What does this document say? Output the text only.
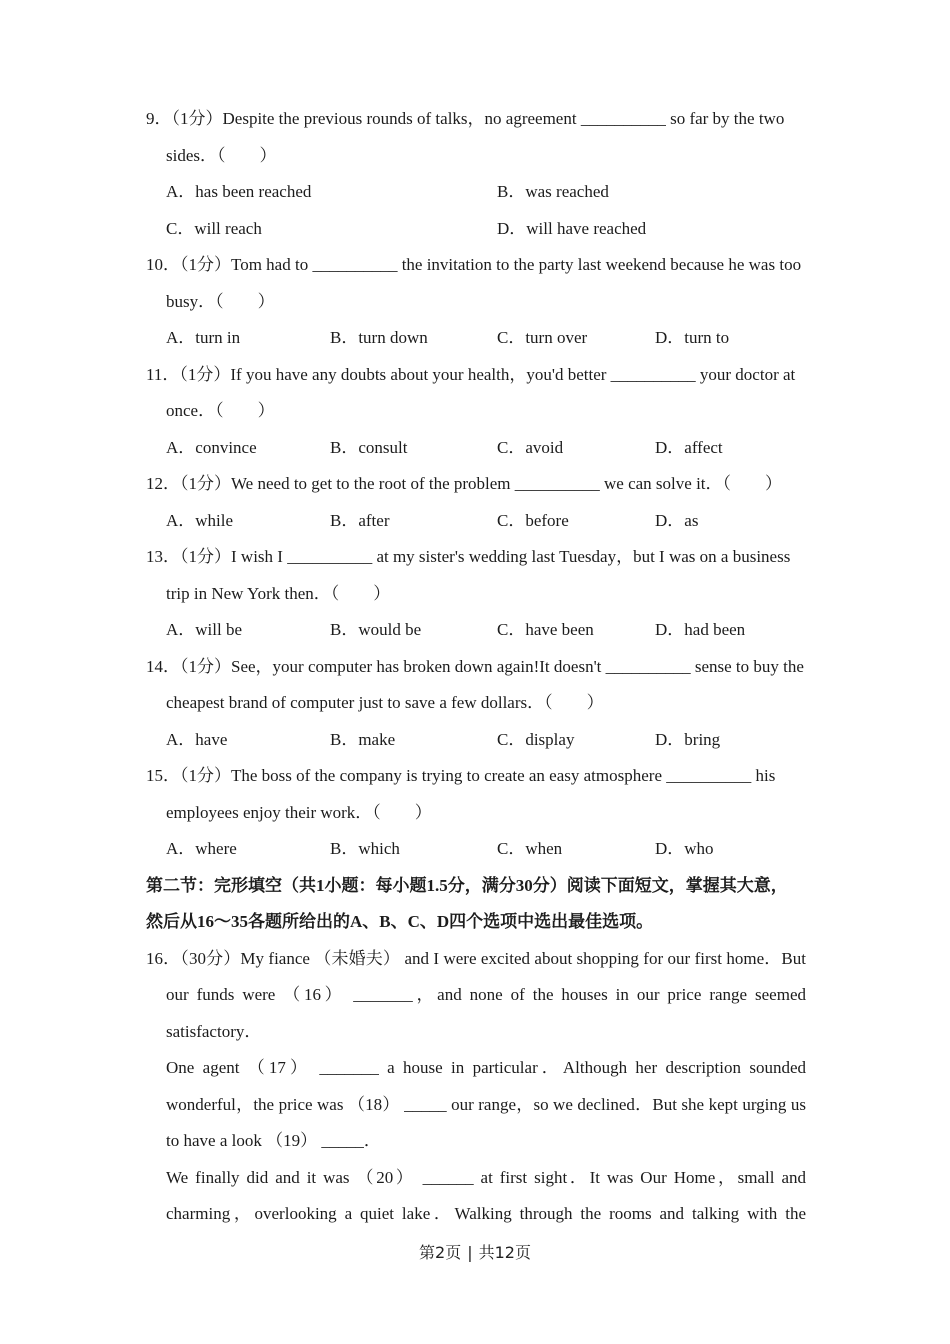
9．（1分）Despite the previous rounds of talks，no agreement __________ so far by the two
sides．（　　）
A．has been reached	B．was reached
C．will reach	D．will have reached
10．（1分）Tom had to __________ the invitation to the party last weekend because he was too
busy．（　　）
A．turn in	B．turn down	C．turn over	D．turn to
11．（1分）If you have any doubts about your health，you'd better __________ your doctor at
once．（　　）
A．convince	B．consult	C．avoid	D．affect
12．（1分）We need to get to the root of the problem __________ we can solve it．（　　）
A．while	B．after	C．before	D．as
13．（1分）I wish I __________ at my sister's wedding last Tuesday，but I was on a business
trip in New York then．（　　）
A．will be	B．would be	C．have been	D．had been
14．（1分）See，your computer has broken down again!It doesn't __________ sense to buy the
cheapest brand of computer just to save a few dollars．（　　）
A．have	B．make	C．display	D．bring
15．（1分）The boss of the company is trying to create an easy atmosphere __________ his
employees enjoy their work．（　　）
A．where	B．which	C．when	D．who
第二节：完形填空（共1小题：每小题1.5分，满分30分）阅读下面短文，掌握其大意，
然后从16～35各题所给出的A、B、C、D四个选项中选出最佳选项。
16．（30分）My fiance （未婚夫） and I were excited about shopping for our first home．But
our funds were （16） _______，and none of the houses in our price range seemed
satisfactory．
One agent （17） _______ a house in particular．Although her description sounded
wonderful，the price was （18） _____ our range，so we declined．But she kept urging us
to have a look （19） _____．
We finally did and it was （20） ______ at first sight．It was Our Home，small and
charming，overlooking a quiet lake．Walking through the rooms and talking with the
第2页 | 共12页
